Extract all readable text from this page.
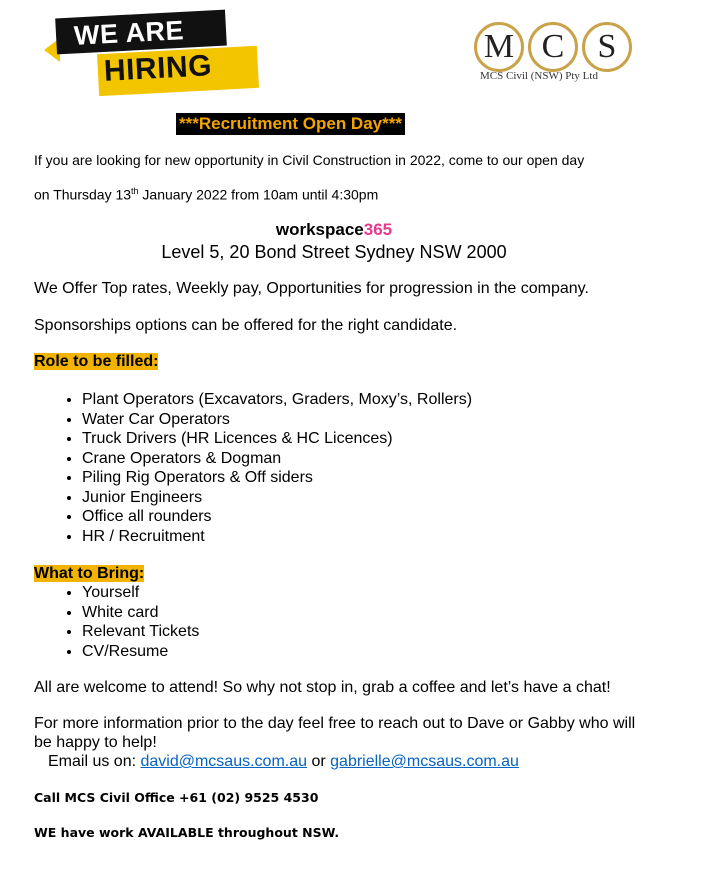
WE ARE
HIRING
M C S
MCS Civil (NSW) Pty Ltd
***Recruitment Open Day***
If you are looking for new opportunity in Civil Construction in 2022, come to our open day
on Thursday 13th January 2022 from 10am until 4:30pm
workspace365
Level 5, 20 Bond Street Sydney NSW 2000
We Offer Top rates, Weekly pay, Opportunities for progression in the company.
Sponsorships options can be offered for the right candidate.
Role to be filled:
• Plant Operators (Excavators, Graders, Moxy’s, Rollers)
• Water Car Operators
• Truck Drivers (HR Licences & HC Licences)
• Crane Operators & Dogman
• Piling Rig Operators & Off siders
• Junior Engineers
• Office all rounders
• HR / Recruitment
What to Bring:
• Yourself
• White card
• Relevant Tickets
• CV/Resume
All are welcome to attend! So why not stop in, grab a coffee and let’s have a chat!
For more information prior to the day feel free to reach out to Dave or Gabby who will
be happy to help!
Email us on: david@mcsaus.com.au or gabrielle@mcsaus.com.au
Call MCS Civil Office +61 (02) 9525 4530
WE have work AVAILABLE throughout NSW.
